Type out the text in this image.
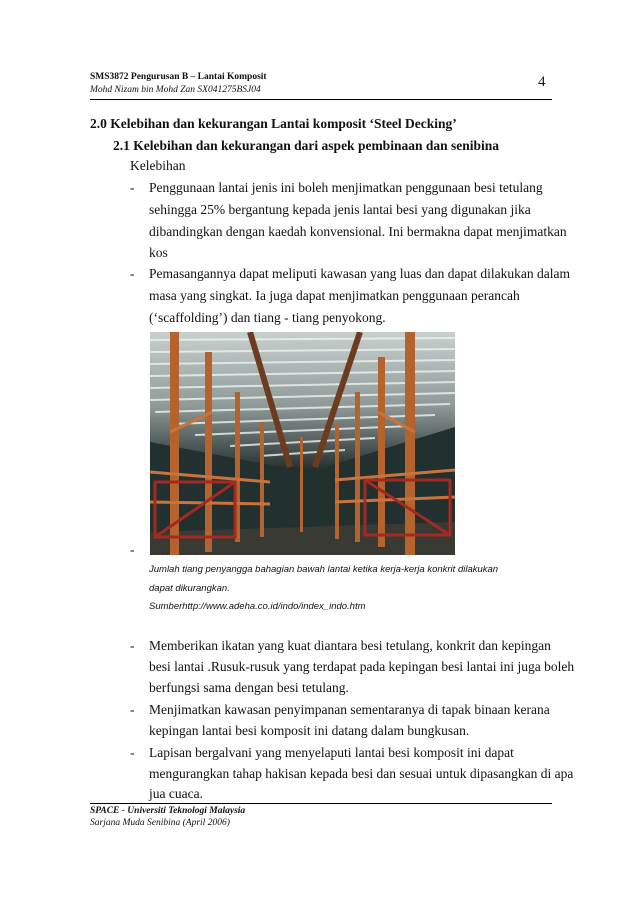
SMS3872 Pengurusan B – Lantai Komposit
Mohd Nizam bin Mohd Zan SX041275BSJ04	4
2.0 Kelebihan dan kekurangan Lantai komposit ‘Steel Decking’
2.1 Kelebihan dan kekurangan dari aspek pembinaan dan senibina
Kelebihan
- Penggunaan lantai jenis ini boleh menjimatkan penggunaan besi tetulang
sehingga 25% bergantung kepada jenis lantai besi yang digunakan jika
dibandingkan dengan kaedah konvensional. Ini bermakna dapat menjimatkan
kos
- Pemasangannya dapat meliputi kawasan yang luas dan dapat dilakukan dalam
masa yang singkat. Ia juga dapat menjimatkan penggunaan perancah
(‘scaffolding’) dan tiang - tiang penyokong.
-
Jumlah tiang penyangga bahagian bawah lantai ketika kerja-kerja konkrit dilakukan
dapat dikurangkan.
Sumberhttp://www.adeha.co.id/indo/index_indo.htm
- Memberikan ikatan yang kuat diantara besi tetulang, konkrit dan kepingan
besi lantai .Rusuk-rusuk yang terdapat pada kepingan besi lantai ini juga boleh
berfungsi sama dengan besi tetulang.
- Menjimatkan kawasan penyimpanan sementaranya di tapak binaan kerana
kepingan lantai besi komposit ini datang dalam bungkusan.
- Lapisan bergalvani yang menyelaputi lantai besi komposit ini dapat
mengurangkan tahap hakisan kepada besi dan sesuai untuk dipasangkan di apa
jua cuaca.
SPACE - Universiti Teknologi Malaysia
Sarjana Muda Senibina (April 2006)
